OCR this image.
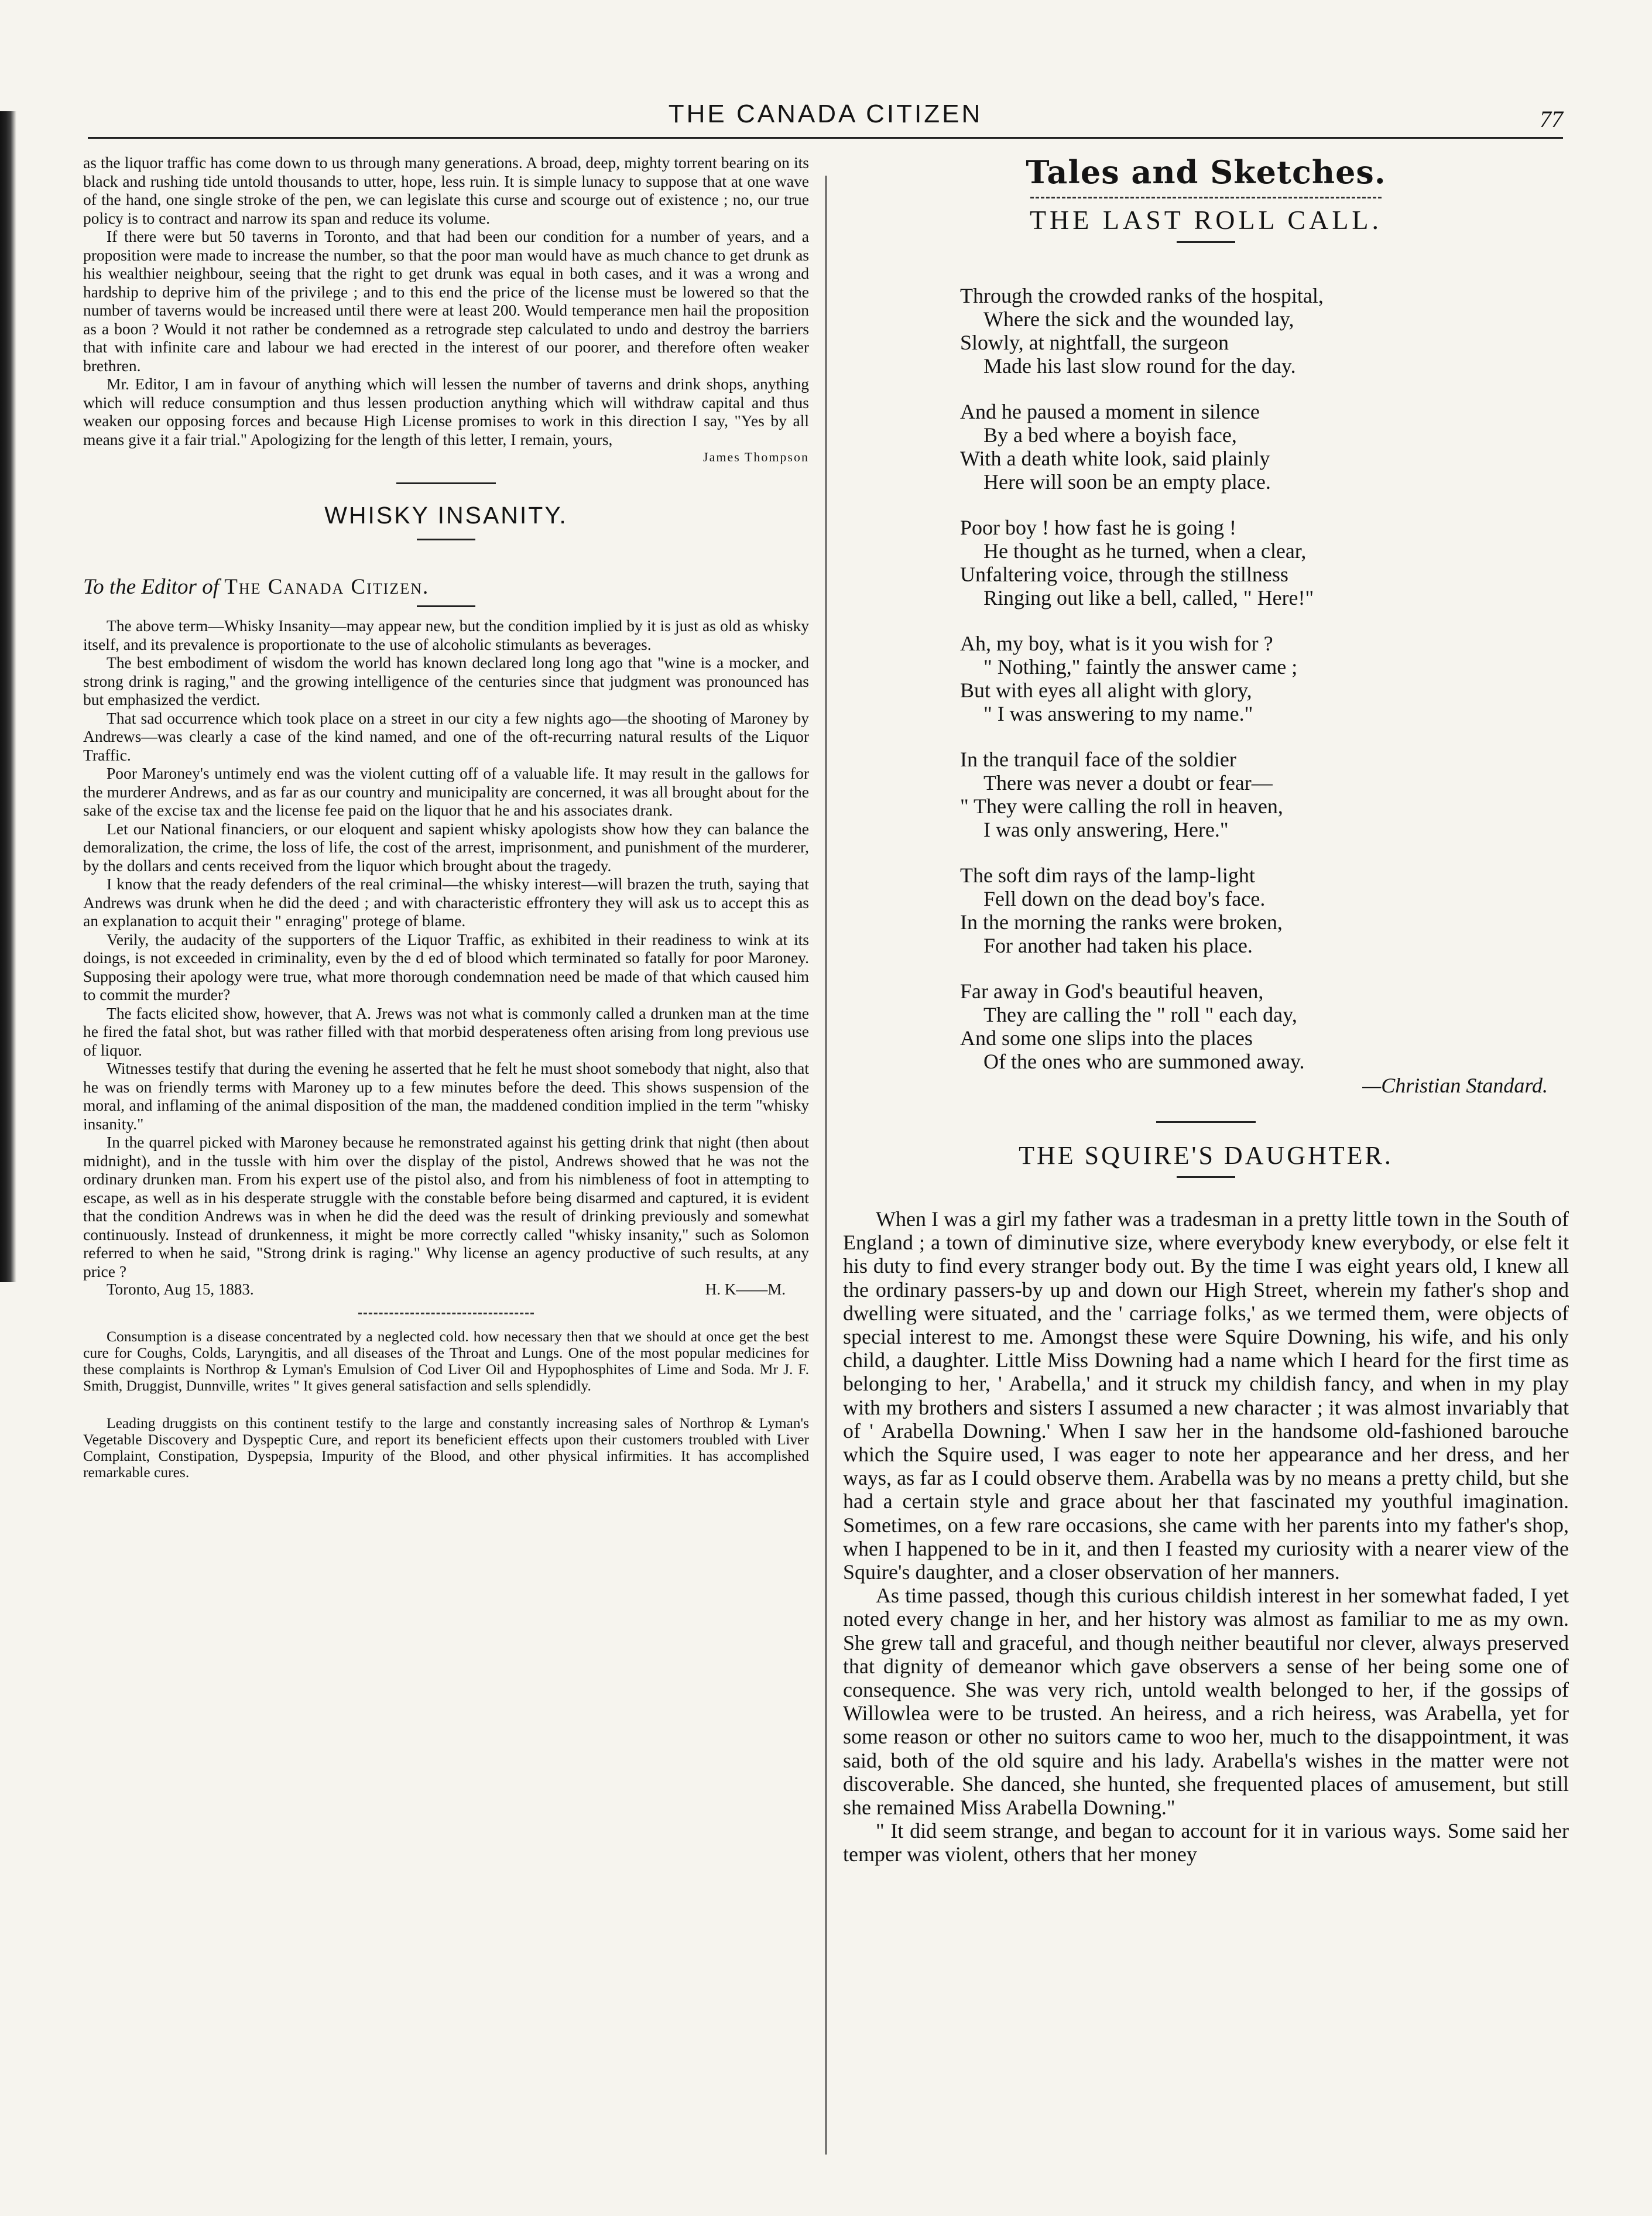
THE CANADA CITIZEN	77

as the liquor traffic has come down to us through many generations. A broad, deep, mighty torrent bearing on its black and rushing tide untold thousands to utter, hope, less ruin. It is simple lunacy to suppose that at one wave of the hand, one single stroke of the pen, we can legislate this curse and scourge out of existence ; no, our true policy is to contract and narrow its span and reduce its volume.

If there were but 50 taverns in Toronto, and that had been our condition for a number of years, and a proposition were made to increase the number, so that the poor man would have as much chance to get drunk as his wealthier neighbour, seeing that the right to get drunk was equal in both cases, and it was a wrong and hardship to deprive him of the privilege ; and to this end the price of the license must be lowered so that the number of taverns would be increased until there were at least 200. Would temperance men hail the proposition as a boon ? Would it not rather be condemned as a retrograde step calculated to undo and destroy the barriers that with infinite care and labour we had erected in the interest of our poorer, and therefore often weaker brethren.

Mr. Editor, I am in favour of anything which will lessen the number of taverns and drink shops, anything which will reduce consumption and thus lessen production anything which will withdraw capital and thus weaken our opposing forces and because High License promises to work in this direction I say, "Yes by all means give it a fair trial." Apologizing for the length of this letter, I remain, yours,

James Thompson
WHISKY INSANITY.
To the Editor of The Canada Citizen.

The above term—Whisky Insanity—may appear new, but the condition implied by it is just as old as whisky itself, and its prevalence is proportionate to the use of alcoholic stimulants as beverages.

The best embodiment of wisdom the world has known declared long long ago that "wine is a mocker, and strong drink is raging," and the growing intelligence of the centuries since that judgment was pronounced has but emphasized the verdict.

That sad occurrence which took place on a street in our city a few nights ago—the shooting of Maroney by Andrews—was clearly a case of the kind named, and one of the oft-recurring natural results of the Liquor Traffic.

Poor Maroney's untimely end was the violent cutting off of a valuable life. It may result in the gallows for the murderer Andrews, and as far as our country and municipality are concerned, it was all brought about for the sake of the excise tax and the license fee paid on the liquor that he and his associates drank.

Let our National financiers, or our eloquent and sapient whisky apologists show how they can balance the demoralization, the crime, the loss of life, the cost of the arrest, imprisonment, and punishment of the murderer, by the dollars and cents received from the liquor which brought about the tragedy.

I know that the ready defenders of the real criminal—the whisky interest—will brazen the truth, saying that Andrews was drunk when he did the deed ; and with characteristic effrontery they will ask us to accept this as an explanation to acquit their " enraging" protege of blame.

Verily, the audacity of the supporters of the Liquor Traffic, as exhibited in their readiness to wink at its doings, is not exceeded in criminality, even by the d ed of blood which terminated so fatally for poor Maroney. Supposing their apology were true, what more thorough condemnation need be made of that which caused him to commit the murder?

The facts elicited show, however, that A. Jrews was not what is commonly called a drunken man at the time he fired the fatal shot, but was rather filled with that morbid desperateness often arising from long previous use of liquor.

Witnesses testify that during the evening he asserted that he felt he must shoot somebody that night, also that he was on friendly terms with Maroney up to a few minutes before the deed. This shows suspension of the moral, and inflaming of the animal disposition of the man, the maddened condition implied in the term "whisky insanity."

In the quarrel picked with Maroney because he remonstrated against his getting drink that night (then about midnight), and in the tussle with him over the display of the pistol, Andrews showed that he was not the ordinary drunken man. From his expert use of the pistol also, and from his nimbleness of foot in attempting to escape, as well as in his desperate struggle with the constable before being disarmed and captured, it is evident that the condition Andrews was in when he did the deed was the result of drinking previously and somewhat continuously. Instead of drunkenness, it might be more correctly called "whisky insanity," such as Solomon referred to when he said, "Strong drink is raging." Why license an agency productive of such results, at any price ?

Toronto, Aug 15, 1883.	H. K——M.

Consumption is a disease concentrated by a neglected cold. how necessary then that we should at once get the best cure for Coughs, Colds, Laryngitis, and all diseases of the Throat and Lungs. One of the most popular medicines for these complaints is Northrop & Lyman's Emulsion of Cod Liver Oil and Hypophosphites of Lime and Soda. Mr J. F. Smith, Druggist, Dunnville, writes " It gives general satisfaction and sells splendidly.

Leading druggists on this continent testify to the large and constantly increasing sales of Northrop & Lyman's Vegetable Discovery and Dyspeptic Cure, and report its beneficient effects upon their customers troubled with Liver Complaint, Constipation, Dyspepsia, Impurity of the Blood, and other physical infirmities. It has accomplished remarkable cures.

Tales and Sketches.
THE LAST ROLL CALL.
Through the crowded ranks of the hospital,
Where the sick and the wounded lay,
Slowly, at nightfall, the surgeon
Made his last slow round for the day.
And he paused a moment in silence
By a bed where a boyish face,
With a death white look, said plainly
Here will soon be an empty place.
Poor boy ! how fast he is going !
He thought as he turned, when a clear,
Unfaltering voice, through the stillness
Ringing out like a bell, called, " Here!"
Ah, my boy, what is it you wish for ?
" Nothing," faintly the answer came ;
But with eyes all alight with glory,
" I was answering to my name."
In the tranquil face of the soldier
There was never a doubt or fear—
" They were calling the roll in heaven,
I was only answering, Here."
The soft dim rays of the lamp-light
Fell down on the dead boy's face.
In the morning the ranks were broken,
For another had taken his place.
Far away in God's beautiful heaven,
They are calling the " roll " each day,
And some one slips into the places
Of the ones who are summoned away.
—Christian Standard.
THE SQUIRE'S DAUGHTER.

When I was a girl my father was a tradesman in a pretty little town in the South of England ; a town of diminutive size, where everybody knew everybody, or else felt it his duty to find every stranger body out. By the time I was eight years old, I knew all the ordinary passers-by up and down our High Street, wherein my father's shop and dwelling were situated, and the ' carriage folks,' as we termed them, were objects of special interest to me. Amongst these were Squire Downing, his wife, and his only child, a daughter. Little Miss Downing had a name which I heard for the first time as belonging to her, ' Arabella,' and it struck my childish fancy, and when in my play with my brothers and sisters I assumed a new character ; it was almost invariably that of ' Arabella Downing.' When I saw her in the handsome old-fashioned barouche which the Squire used, I was eager to note her appearance and her dress, and her ways, as far as I could observe them. Arabella was by no means a pretty child, but she had a certain style and grace about her that fascinated my youthful imagination. Sometimes, on a few rare occasions, she came with her parents into my father's shop, when I happened to be in it, and then I feasted my curiosity with a nearer view of the Squire's daughter, and a closer observation of her manners.

As time passed, though this curious childish interest in her somewhat faded, I yet noted every change in her, and her history was almost as familiar to me as my own. She grew tall and graceful, and though neither beautiful nor clever, always preserved that dignity of demeanor which gave observers a sense of her being some one of consequence. She was very rich, untold wealth belonged to her, if the gossips of Willowlea were to be trusted. An heiress, and a rich heiress, was Arabella, yet for some reason or other no suitors came to woo her, much to the disappointment, it was said, both of the old squire and his lady. Arabella's wishes in the matter were not discoverable. She danced, she hunted, she frequented places of amusement, but still she remained Miss Arabella Downing."

" It did seem strange, and began to account for it in various ways. Some said her temper was violent, others that her money
